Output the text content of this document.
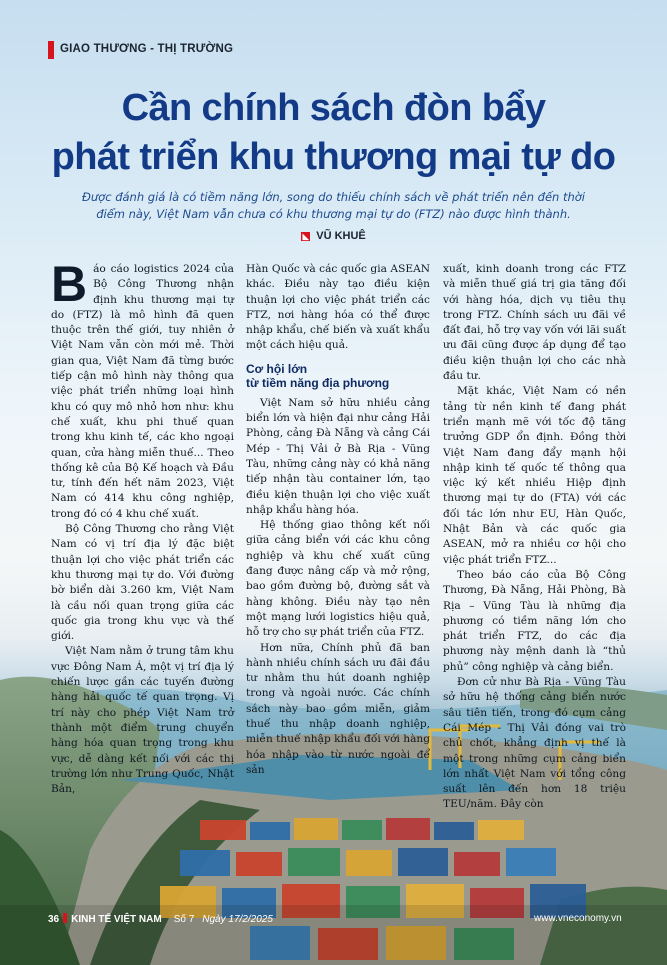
GIAO THƯƠNG - THỊ TRƯỜNG
Cần chính sách đòn bẩy
phát triển khu thương mại tự do
Được đánh giá là có tiềm năng lớn, song do thiếu chính sách về phát triển nên đến thời điểm này, Việt Nam vẫn chưa có khu thương mại tự do (FTZ) nào được hình thành.
◣ VŨ KHUÊ
B áo cáo logistics 2024 của Bộ Công Thương nhận định khu thương mại tự do (FTZ) là mô hình đã quen thuộc trên thế giới, tuy nhiên ở Việt Nam vẫn còn mới mẻ. Thời gian qua, Việt Nam đã từng bước tiếp cận mô hình này thông qua việc phát triển những loại hình khu có quy mô nhỏ hơn như: khu chế xuất, khu phi thuế quan trong khu kinh tế, các kho ngoại quan, cửa hàng miễn thuế... Theo thống kê của Bộ Kế hoạch và Đầu tư, tính đến hết năm 2023, Việt Nam có 414 khu công nghiệp, trong đó có 4 khu chế xuất.

Bộ Công Thương cho rằng Việt Nam có vị trí địa lý đặc biệt thuận lợi cho việc phát triển các khu thương mại tự do. Với đường bờ biển dài 3.260 km, Việt Nam là cầu nối quan trọng giữa các quốc gia trong khu vực và thế giới.

Việt Nam nằm ở trung tâm khu vực Đông Nam Á, một vị trí địa lý chiến lược gần các tuyến đường hàng hải quốc tế quan trọng. Vị trí này cho phép Việt Nam trở thành một điểm trung chuyển hàng hóa quan trọng trong khu vực, dễ dàng kết nối với các thị trường lớn như Trung Quốc, Nhật Bản,

Hàn Quốc và các quốc gia ASEAN khác. Điều này tạo điều kiện thuận lợi cho việc phát triển các FTZ, nơi hàng hóa có thể được nhập khẩu, chế biến và xuất khẩu một cách hiệu quả.

Cơ hội lớn
từ tiềm năng địa phương

Việt Nam sở hữu nhiều cảng biển lớn và hiện đại như cảng Hải Phòng, cảng Đà Nẵng và cảng Cái Mép - Thị Vải ở Bà Rịa - Vũng Tàu, những cảng này có khả năng tiếp nhận tàu container lớn, tạo điều kiện thuận lợi cho việc xuất nhập khẩu hàng hóa.

Hệ thống giao thông kết nối giữa cảng biển với các khu công nghiệp và khu chế xuất cũng đang được nâng cấp và mở rộng, bao gồm đường bộ, đường sắt và hàng không. Điều này tạo nên một mạng lưới logistics hiệu quả, hỗ trợ cho sự phát triển của FTZ.

Hơn nữa, Chính phủ đã ban hành nhiều chính sách ưu đãi đầu tư nhằm thu hút doanh nghiệp trong và ngoài nước. Các chính sách này bao gồm miễn, giảm thuế thu nhập doanh nghiệp, miễn thuế nhập khẩu đối với hàng hóa nhập vào từ nước ngoài để sản

xuất, kinh doanh trong các FTZ và miễn thuế giá trị gia tăng đối với hàng hóa, dịch vụ tiêu thụ trong FTZ. Chính sách ưu đãi về đất đai, hỗ trợ vay vốn với lãi suất ưu đãi cũng được áp dụng để tạo điều kiện thuận lợi cho các nhà đầu tư.

Mặt khác, Việt Nam có nền tảng từ nền kinh tế đang phát triển mạnh mẽ với tốc độ tăng trưởng GDP ổn định. Đồng thời Việt Nam đang đẩy mạnh hội nhập kinh tế quốc tế thông qua việc ký kết nhiều Hiệp định thương mại tự do (FTA) với các đối tác lớn như EU, Hàn Quốc, Nhật Bản và các quốc gia ASEAN, mở ra nhiều cơ hội cho việc phát triển FTZ...

Theo báo cáo của Bộ Công Thương, Đà Nẵng, Hải Phòng, Bà Rịa – Vũng Tàu là những địa phương có tiềm năng lớn cho phát triển FTZ, do các địa phương này mệnh danh là “thủ phủ” công nghiệp và cảng biển.

Đơn cử như Bà Rịa - Vũng Tàu sở hữu hệ thống cảng biển nước sâu tiên tiến, trong đó cụm cảng Cái Mép - Thị Vải đóng vai trò chủ chốt, khẳng định vị thế là một trong những cụm cảng biển lớn nhất Việt Nam với tổng công suất lên đến hơn 18 triệu TEU/năm. Đây còn

36 KINH TẾ VIỆT NAM Số 7 Ngày 17/2/2025	www.vneconomy.vn
